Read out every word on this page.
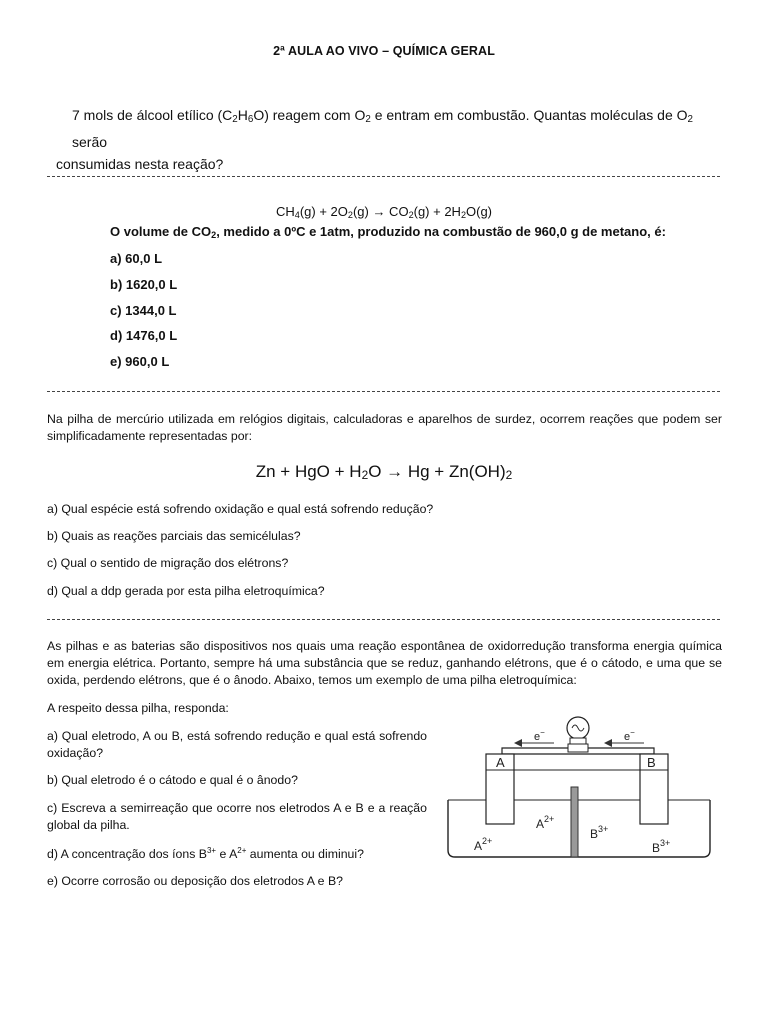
2ª AULA AO VIVO – QUÍMICA GERAL
7 mols de álcool etílico $(C_2H_6O)$ reagem com $O_2$ e entram em combustão. Quantas moléculas de $O_2$ serão
consumidas nesta reação?
$CH_4(g) + 2O_2(g) \to CO_2(g) + 2H_2O(g)$
O volume de $CO_2$, medido a 0ºC e 1atm, produzido na combustão de 960,0 g de metano, é:
a) 60,0 L
b) 1620,0 L
c) 1344,0 L
d) 1476,0 L
e) 960,0 L
Na pilha de mercúrio utilizada em relógios digitais, calculadoras e aparelhos de surdez, ocorrem reações que podem ser simplificadamente representadas por:
Zn + HgO + H2O → Hg + Zn(OH)2
a) Qual espécie está sofrendo oxidação e qual está sofrendo redução?
b) Quais as reações parciais das semicélulas?
c) Qual o sentido de migração dos elétrons?
d) Qual a ddp gerada por esta pilha eletroquímica?
As pilhas e as baterias são dispositivos nos quais uma reação espontânea de oxidorredução transforma energia química em energia elétrica. Portanto, sempre há uma substância que se reduz, ganhando elétrons, que é o cátodo, e uma que se oxida, perdendo elétrons, que é o ânodo. Abaixo, temos um exemplo de uma pilha eletroquímica:
A respeito dessa pilha, responda:
a) Qual eletrodo, A ou B, está sofrendo redução e qual está sofrendo oxidação?
b) Qual eletrodo é o cátodo e qual é o ânodo?
c) Escreva a semirreação que ocorre nos eletrodos A e B e a reação global da pilha.
d) A concentração dos íons $B^{3+}$ e $A^{2+}$ aumenta ou diminui?
e) Ocorre corrosão ou deposição dos eletrodos A e B?
e−	e−
A	B
$A^{2+}$
$A^{2+}$	$B^{3+}$
$B^{3+}$
